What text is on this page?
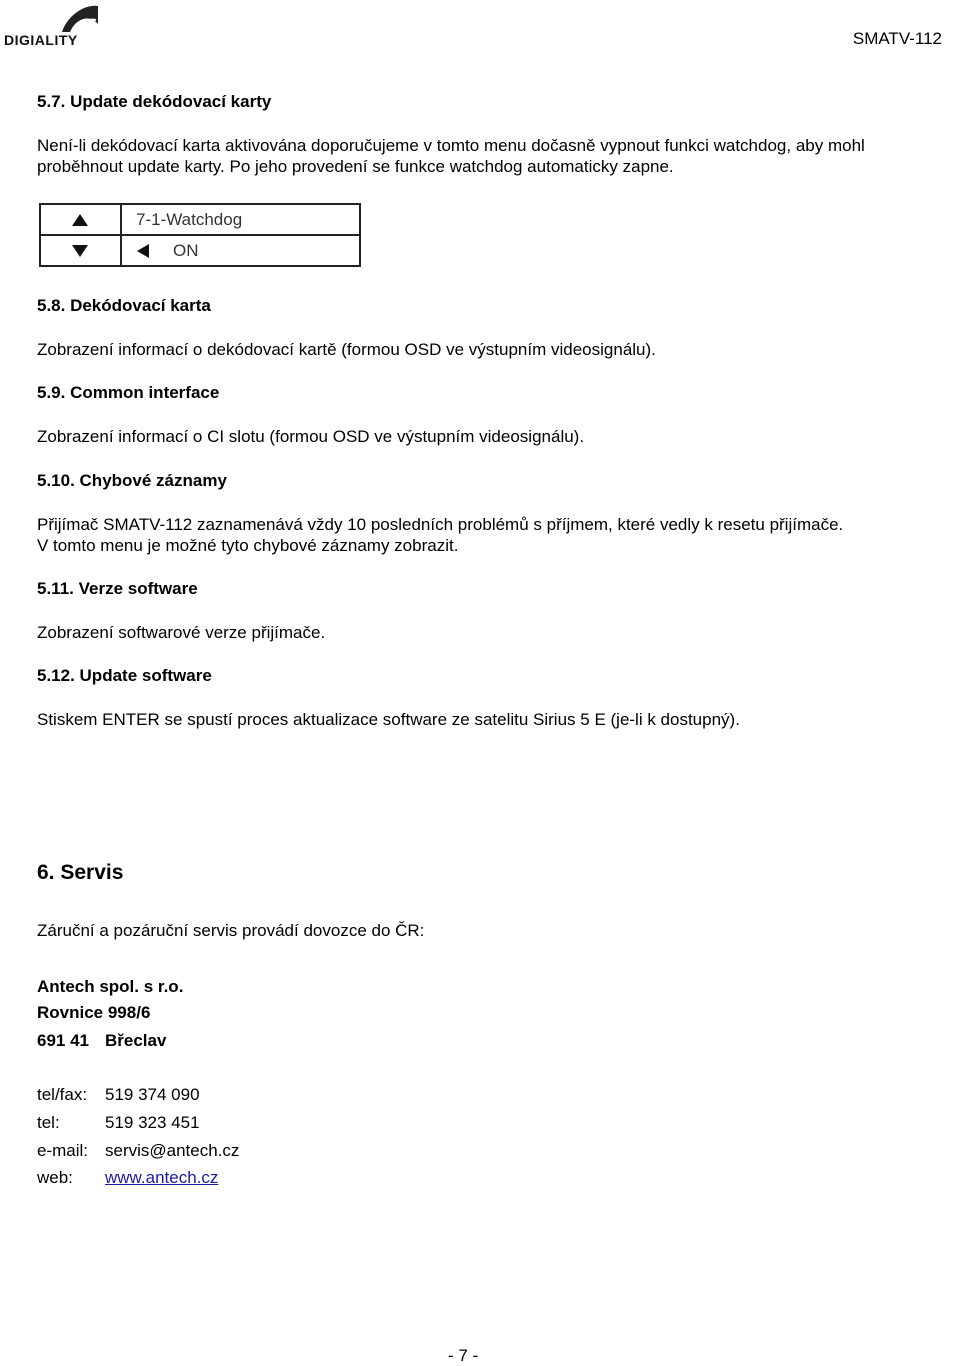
DIGIALITY	SMATV-112
5.7. Update dekódovací karty
Není-li dekódovací karta aktivována doporučujeme v tomto menu dočasně vypnout funkci watchdog, aby mohl
proběhnout update karty. Po jeho provedení se funkce watchdog automaticky zapne.
7-1-Watchdog
ON
5.8. Dekódovací karta
Zobrazení informací o dekódovací kartě (formou OSD ve výstupním videosignálu).
5.9. Common interface
Zobrazení informací o CI slotu (formou OSD ve výstupním videosignálu).
5.10. Chybové záznamy
Přijímač SMATV-112 zaznamenává vždy 10 posledních problémů s příjmem, které vedly k resetu přijímače.
V tomto menu je možné tyto chybové záznamy zobrazit.
5.11. Verze software
Zobrazení softwarové verze přijímače.
5.12. Update software
Stiskem ENTER se spustí proces aktualizace software ze satelitu Sirius 5 E (je-li k dostupný).
6. Servis
Záruční a pozáruční servis provádí dovozce do ČR:
Antech spol. s r.o.
Rovnice 998/6
691 41 Břeclav
tel/fax: 519 374 090
tel:	519 323 451
e-mail: servis@antech.cz
web: www.antech.cz
- 7 -
